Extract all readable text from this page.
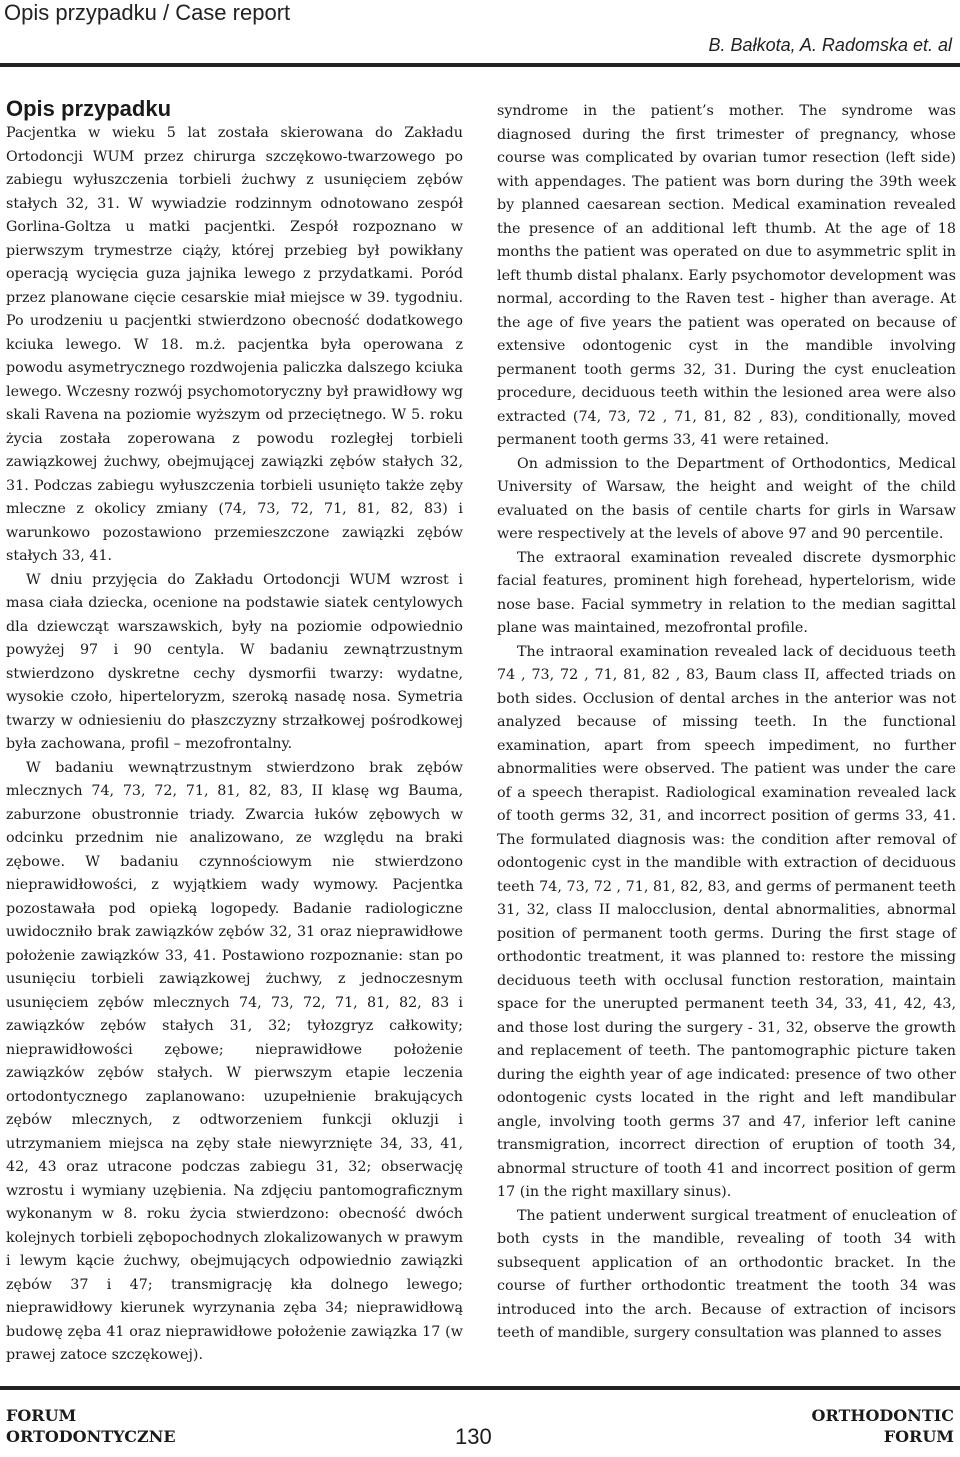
Opis przypadku / Case report
B. Bałkota, A. Radomska et. al
Opis przypadku

Pacjentka w wieku 5 lat została skierowana do Zakładu Ortodoncji WUM przez chirurga szczękowo-twarzowego po zabiegu wyłuszczenia torbieli żuchwy z usunięciem zębów stałych 32, 31. W wywiadzie rodzinnym odnotowano zespół Gorlina-Goltza u matki pacjentki. Zespół rozpoznano w pierwszym trymestrze ciąży, której przebieg był powikłany operacją wycięcia guza jajnika lewego z przydatkami. Poród przez planowane cięcie cesarskie miał miejsce w 39. tygodniu. Po urodzeniu u pacjentki stwierdzono obecność dodatkowego kciuka lewego. W 18. m.ż. pacjentka była operowana z powodu asymetrycznego rozdwojenia paliczka dalszego kciuka lewego. Wczesny rozwój psychomotoryczny był prawidłowy wg skali Ravena na poziomie wyższym od przeciętnego. W 5. roku życia została zoperowana z powodu rozległej torbieli zawiązkowej żuchwy, obejmującej zawiązki zębów stałych 32, 31. Podczas zabiegu wyłuszczenia torbieli usunięto także zęby mleczne z okolicy zmiany (74, 73, 72, 71, 81, 82, 83) i warunkowo pozostawiono przemieszczone zawiązki zębów stałych 33, 41.

W dniu przyjęcia do Zakładu Ortodoncji WUM wzrost i masa ciała dziecka, ocenione na podstawie siatek centylowych dla dziewcząt warszawskich, były na poziomie odpowiednio powyżej 97 i 90 centyla. W badaniu zewnątrzustnym stwierdzono dyskretne cechy dysmorfii twarzy: wydatne, wysokie czoło, hiperteloryzm, szeroką nasadę nosa. Symetria twarzy w odniesieniu do płaszczyzny strzałkowej pośrodkowej była zachowana, profil – mezofrontalny.

W badaniu wewnątrzustnym stwierdzono brak zębów mlecznych 74, 73, 72, 71, 81, 82, 83, II klasę wg Bauma, zaburzone obustronnie triady. Zwarcia łuków zębowych w odcinku przednim nie analizowano, ze względu na braki zębowe. W badaniu czynnościowym nie stwierdzono nieprawidłowości, z wyjątkiem wady wymowy. Pacjentka pozostawała pod opieką logopedy. Badanie radiologiczne uwidoczniło brak zawiązków zębów 32, 31 oraz nieprawidłowe położenie zawiązków 33, 41. Postawiono rozpoznanie: stan po usunięciu torbieli zawiązkowej żuchwy, z jednoczesnym usunięciem zębów mlecznych 74, 73, 72, 71, 81, 82, 83 i zawiązków zębów stałych 31, 32; tyłozgryz całkowity; nieprawidłowości zębowe; nieprawidłowe położenie zawiązków zębów stałych. W pierwszym etapie leczenia ortodontycznego zaplanowano: uzupełnienie brakujących zębów mlecznych, z odtworzeniem funkcji okluzji i utrzymaniem miejsca na zęby stałe niewyrznięte 34, 33, 41, 42, 43 oraz utracone podczas zabiegu 31, 32; obserwację wzrostu i wymiany uzębienia. Na zdjęciu pantomograficznym wykonanym w 8. roku życia stwierdzono: obecność dwóch kolejnych torbieli zębopochodnych zlokalizowanych w prawym i lewym kącie żuchwy, obejmujących odpowiednio zawiązki zębów 37 i 47; transmigrację kła dolnego lewego; nieprawidłowy kierunek wyrzynania zęba 34; nieprawidłową budowę zęba 41 oraz nieprawidłowe położenie zawiązka 17 (w prawej zatoce szczękowej).

syndrome in the patient’s mother. The syndrome was diagnosed during the first trimester of pregnancy, whose course was complicated by ovarian tumor resection (left side) with appendages. The patient was born during the 39th week by planned caesarean section. Medical examination revealed the presence of an additional left thumb. At the age of 18 months the patient was operated on due to asymmetric split in left thumb distal phalanx. Early psychomotor development was normal, according to the Raven test - higher than average. At the age of five years the patient was operated on because of extensive odontogenic cyst in the mandible involving permanent tooth germs 32, 31. During the cyst enucleation procedure, deciduous teeth within the lesioned area were also extracted (74, 73, 72 , 71, 81, 82 , 83), conditionally, moved permanent tooth germs 33, 41 were retained.

On admission to the Department of Orthodontics, Medical University of Warsaw, the height and weight of the child evaluated on the basis of centile charts for girls in Warsaw were respectively at the levels of above 97 and 90 percentile.

The extraoral examination revealed discrete dysmorphic facial features, prominent high forehead, hypertelorism, wide nose base. Facial symmetry in relation to the median sagittal plane was maintained, mezofrontal profile.

The intraoral examination revealed lack of deciduous teeth 74 , 73, 72 , 71, 81, 82 , 83, Baum class II, affected triads on both sides. Occlusion of dental arches in the anterior was not analyzed because of missing teeth. In the functional examination, apart from speech impediment, no further abnormalities were observed. The patient was under the care of a speech therapist. Radiological examination revealed lack of tooth germs 32, 31, and incorrect position of germs 33, 41. The formulated diagnosis was: the condition after removal of odontogenic cyst in the mandible with extraction of deciduous teeth 74, 73, 72 , 71, 81, 82, 83, and germs of permanent teeth 31, 32, class II malocclusion, dental abnormalities, abnormal position of permanent tooth germs. During the first stage of orthodontic treatment, it was planned to: restore the missing deciduous teeth with occlusal function restoration, maintain space for the unerupted permanent teeth 34, 33, 41, 42, 43, and those lost during the surgery - 31, 32, observe the growth and replacement of teeth. The pantomographic picture taken during the eighth year of age indicated: presence of two other odontogenic cysts located in the right and left mandibular angle, involving tooth germs 37 and 47, inferior left canine transmigration, incorrect direction of eruption of tooth 34, abnormal structure of tooth 41 and incorrect position of germ 17 (in the right maxillary sinus).

The patient underwent surgical treatment of enucleation of both cysts in the mandible, revealing of tooth 34 with subsequent application of an orthodontic bracket. In the course of further orthodontic treatment the tooth 34 was introduced into the arch. Because of extraction of incisors teeth of mandible, surgery consultation was planned to asses

FORUM
ORTODONTYCZNE	130
ORTHODONTIC
FORUM
